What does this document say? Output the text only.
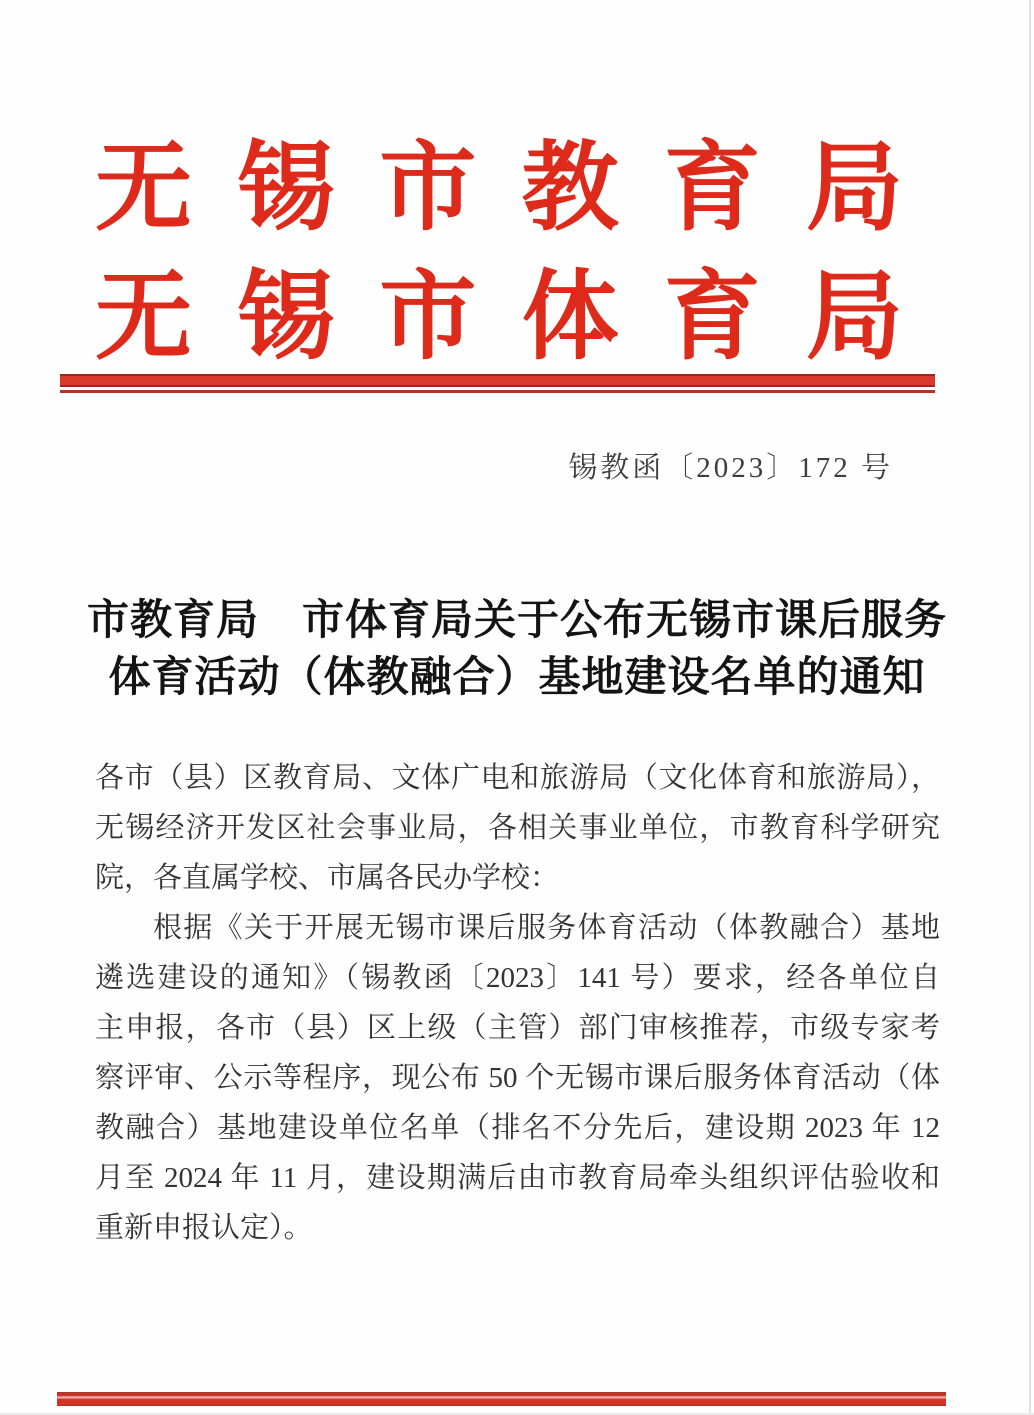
无锡市教育局
无锡市体育局
锡教函〔2023〕172 号
市教育局　市体育局关于公布无锡市课后服务
体育活动（体教融合）基地建设名单的通知
各市（县）区教育局、文体广电和旅游局（文化体育和旅游局），
无锡经济开发区社会事业局，各相关事业单位，市教育科学研究
院，各直属学校、市属各民办学校：
根据《关于开展无锡市课后服务体育活动（体教融合）基地
遴选建设的通知》（锡教函〔2023〕141 号）要求，经各单位自
主申报，各市（县）区上级（主管）部门审核推荐，市级专家考
察评审、公示等程序，现公布 50 个无锡市课后服务体育活动（体
教融合）基地建设单位名单（排名不分先后，建设期 2023 年 12
月至 2024 年 11 月，建设期满后由市教育局牵头组织评估验收和
重新申报认定）。
